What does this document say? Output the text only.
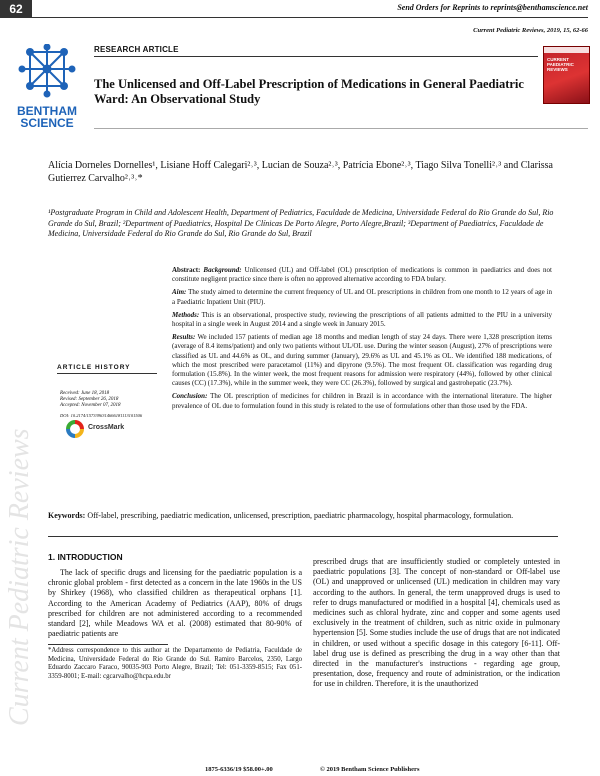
Current Pediatric Reviews
62	Send Orders for Reprints to reprints@benthamscience.net
Current Pediatric Reviews, 2019, 15, 62-66
BENTHAM
SCIENCE
CURRENT PAEDIATRIC REVIEWS
RESEARCH ARTICLE
The Unlicensed and Off-Label Prescription of Medications in General Paediatric Ward: An Observational Study
Alícia Dorneles Dornelles¹, Lisiane Hoff Calegari²˒³, Lucian de Souza²˒³, Patrícia Ebone²˒³, Tiago Silva Tonelli²˒³ and Clarissa Gutierrez Carvalho²˒³˒*
¹Postgraduate Program in Child and Adolescent Health, Department of Pediatrics, Faculdade de Medicina, Universidade Federal do Rio Grande do Sul, Rio Grande do Sul, Brazil; ²Department of Paediatrics, Hospital De Clínicas De Porto Alegre, Porto Alegre,Brazil; ³Department of Paediatrics, Faculdade de Medicina, Universidade Federal do Rio Grande do Sul, Rio Grande do Sul, Brazil
ARTICLE HISTORY
Received: June 18, 2018
Revised: September 26, 2018
Accepted: November 07, 2018
DOI: 10.2174/1573396314666181113101506
CrossMark

Abstract: Background: Unlicensed (UL) and Off-label (OL) prescription of medications is common in paediatrics and does not constitute negligent practice since there is often no approved alternative according to FDA bulary.

Aim: The study aimed to determine the current frequency of UL and OL prescriptions in children from one month to 12 years of age in a Paediatric Inpatient Unit (PIU).

Methods: This is an observational, prospective study, reviewing the prescriptions of all patients admitted to the PIU in a university hospital in a single week in August 2014 and a single week in January 2015.

Results: We included 157 patients of median age 18 months and median length of stay 24 days. There were 1,328 prescription items (average of 8.4 items/patient) and only two patients without UL/OL use. During the winter season (August), 27% of prescriptions were classified as UL and 44.6% as OL, and during summer (January), 29.6% as UL and 45.1% as OL. We identified 188 medications, of which the most prescribed were paracetamol (11%) and dipyrone (9.5%). The most frequent OL classification was regarding drug formulation (15.8%). In the winter week, the most frequent reasons for admission were respiratory (44%), followed by other clinical causes (CC) (17.3%), while in the summer week, they were CC (26.3%), followed by surgical and gastrohepatic (23.7%).

Conclusion: The OL prescription of medicines for children in Brazil is in accordance with the international literature. The higher prevalence of OL due to formulation found in this study is related to the use of formulations other than those used by the FDA.

Keywords: Off-label, prescribing, paediatric medication, unlicensed, prescription, paediatric pharmacology, hospital pharmacology, formulation.
1. INTRODUCTION

The lack of specific drugs and licensing for the paediatric population is a chronic global problem - first detected as a concern in the late 1960s in the US by Shirkey (1968), who classified children as therapeutical orphans [1]. According to the American Academy of Pediatrics (AAP), 80% of drugs prescribed for children are not administered according to a recommended standard [2], while Meadows WA et al. (2008) estimated that 80-90% of paediatric patients are

*Address correspondence to this author at the Departamento de Pediatria, Faculdade de Medicina, Universidade Federal do Rio Grande do Sul. Ramiro Barcelos, 2350, Largo Eduardo Zaccaro Faraco, 90035-903 Porto Alegre, Brazil; Tel: 051-3359-8515; Fax 051-3359-8001; E-mail: cgcarvalho@hcpa.edu.br
prescribed drugs that are insufficiently studied or completely untested in paediatric populations [3]. The concept of non-standard or Off-label use (OL) and unapproved or unlicensed (UL) medication in children may vary according to the authors. In general, the term unapproved drugs is used to refer to drugs manufactured or modified in a hospital [4], chemicals used as medicines such as chloral hydrate, zinc and copper and some agents used exclusively in the treatment of children, such as nitric oxide in pulmonary hypertension [5]. Some studies include the use of drugs that are not indicated in children, or used without a specific dosage in this category [6-11]. Off-label drug use is defined as prescribing the drug in a way other than that directed in the manufacturer's instructions - regarding age group, presentation, dose, frequency and route of administration, or the indication for use in children. Therefore, it is the unauthorized
1875-6336/19 $58.00+.00	© 2019 Bentham Science Publishers
